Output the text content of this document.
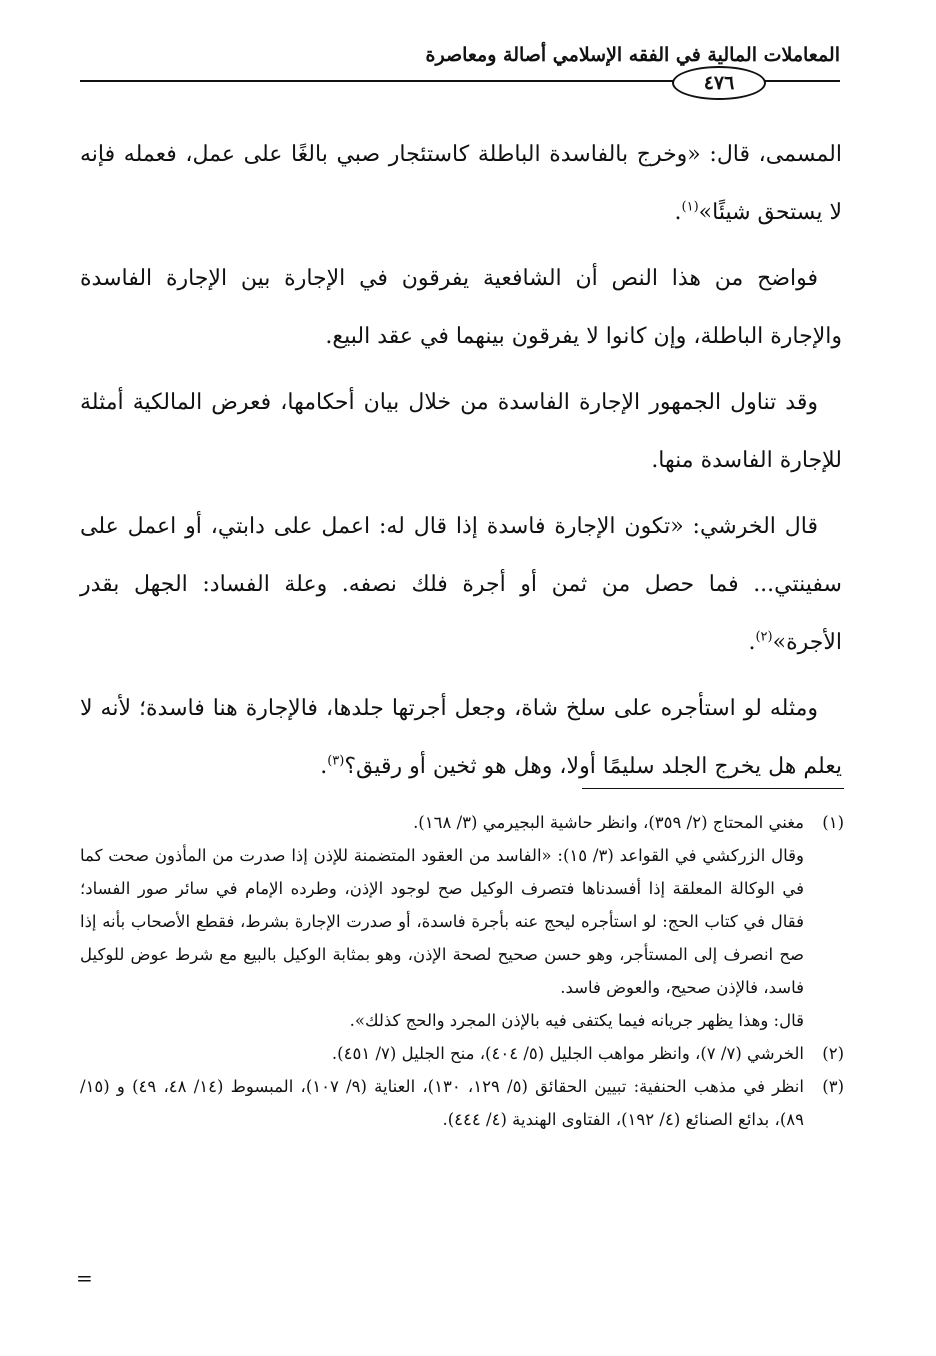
المعاملات المالية في الفقه الإسلامي أصالة ومعاصرة
٤٧٦

المسمى، قال: «وخرج بالفاسدة الباطلة كاستئجار صبي بالغًا على عمل، فعمله فإنه لا يستحق شيئًا»$^{(١)}$.

فواضح من هذا النص أن الشافعية يفرقون في الإجارة بين الإجارة الفاسدة والإجارة الباطلة، وإن كانوا لا يفرقون بينهما في عقد البيع.

وقد تناول الجمهور الإجارة الفاسدة من خلال بيان أحكامها، فعرض المالكية أمثلة للإجارة الفاسدة منها.

قال الخرشي: «تكون الإجارة فاسدة إذا قال له: اعمل على دابتي، أو اعمل على سفينتي... فما حصل من ثمن أو أجرة فلك نصفه. وعلة الفساد: الجهل بقدر الأجرة»$^{(٢)}$.

ومثله لو استأجره على سلخ شاة، وجعل أجرتها جلدها، فالإجارة هنا فاسدة؛ لأنه لا يعلم هل يخرج الجلد سليمًا أولا، وهل هو ثخين أو رقيق؟$^{(٣)}$.

(١)
مغني المحتاج (٢/ ٣٥٩)، وانظر حاشية البجيرمي (٣/ ١٦٨).

وقال الزركشي في القواعد (٣/ ١٥): «الفاسد من العقود المتضمنة للإذن إذا صدرت من المأذون صحت كما في الوكالة المعلقة إذا أفسدناها فتصرف الوكيل صح لوجود الإذن، وطرده الإمام في سائر صور الفساد؛ فقال في كتاب الحج: لو استأجره ليحج عنه بأجرة فاسدة، أو صدرت الإجارة بشرط، فقطع الأصحاب بأنه إذا صح انصرف إلى المستأجر، وهو حسن صحيح لصحة الإذن، وهو بمثابة الوكيل بالبيع مع شرط عوض للوكيل فاسد، فالإذن صحيح، والعوض فاسد.

قال: وهذا يظهر جريانه فيما يكتفى فيه بالإذن المجرد والحج كذلك».

(٢)
الخرشي (٧/ ٧)، وانظر مواهب الجليل (٥/ ٤٠٤)، منح الجليل (٧/ ٤٥١).
(٣)
انظر في مذهب الحنفية: تبيين الحقائق (٥/ ١٢٩، ١٣٠)، العناية (٩/ ١٠٧)، المبسوط (١٤/ ٤٨، ٤٩) و (١٥/ ٨٩)، بدائع الصنائع (٤/ ١٩٢)، الفتاوى الهندية (٤/ ٤٤٤).
=
